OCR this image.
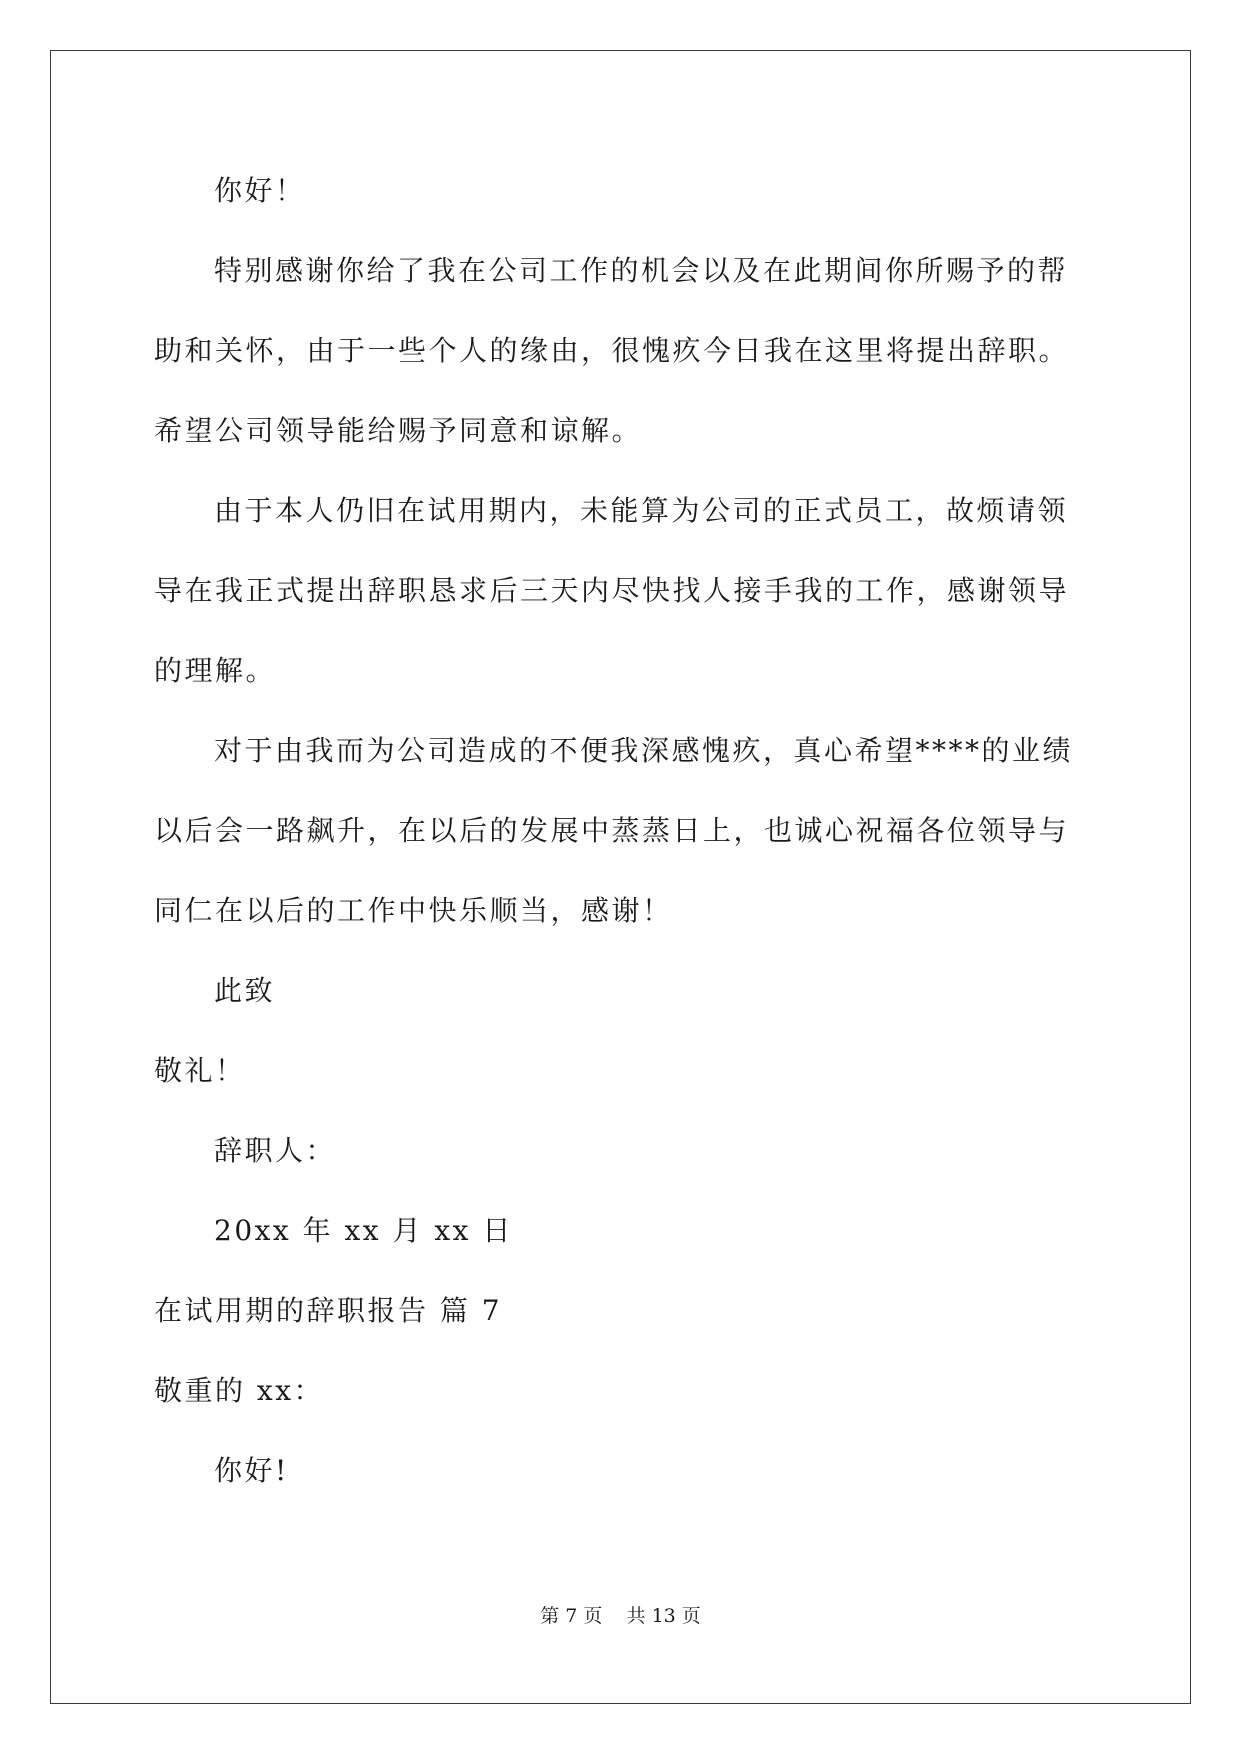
你好！
特别感谢你给了我在公司工作的机会以及在此期间你所赐予的帮
助和关怀，由于一些个人的缘由，很愧疚今日我在这里将提出辞职。
希望公司领导能给赐予同意和谅解。
由于本人仍旧在试用期内，未能算为公司的正式员工，故烦请领
导在我正式提出辞职恳求后三天内尽快找人接手我的工作，感谢领导
的理解。
对于由我而为公司造成的不便我深感愧疚，真心希望****的业绩
以后会一路飙升，在以后的发展中蒸蒸日上，也诚心祝福各位领导与
同仁在以后的工作中快乐顺当，感谢！
此致
敬礼！
辞职人：
20xx 年 xx 月 xx 日
在试用期的辞职报告 篇 7
敬重的 xx：
你好!
第 7 页    共 13 页
